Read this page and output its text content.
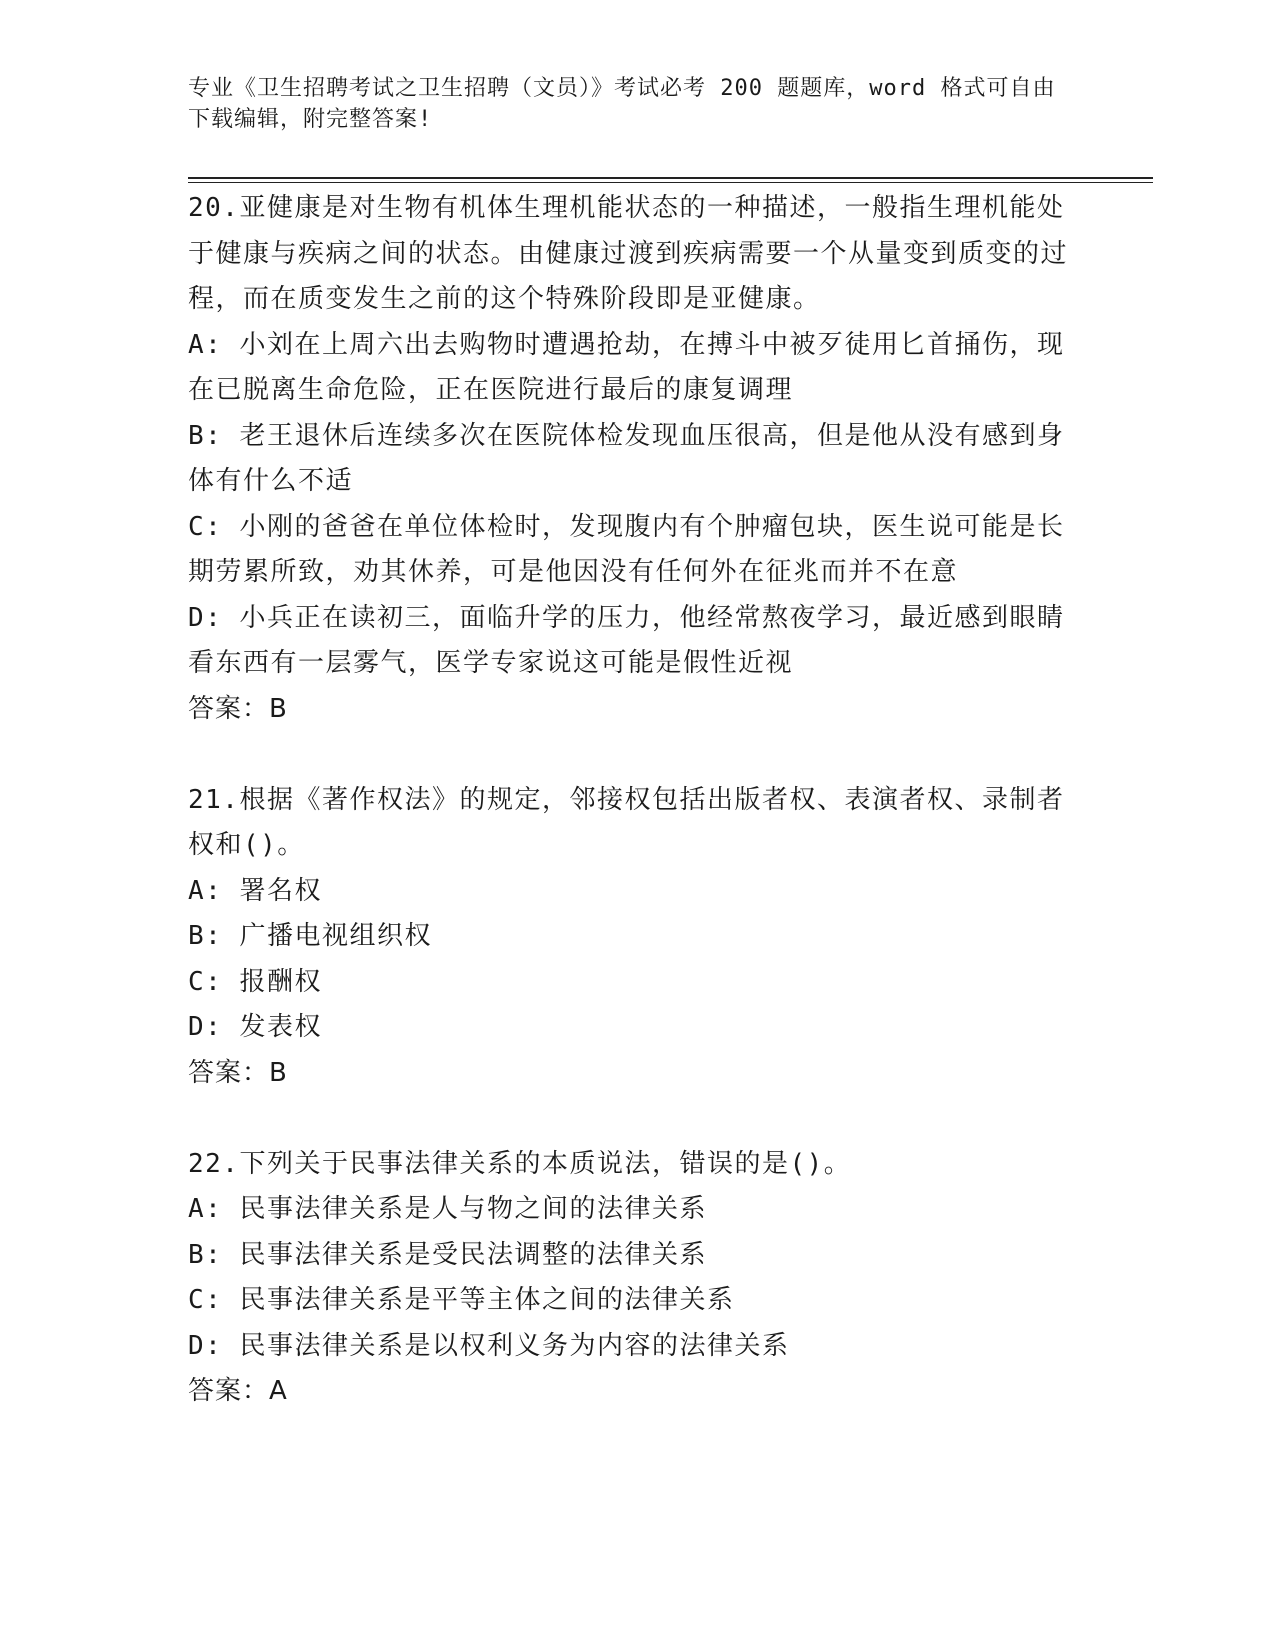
专业《卫生招聘考试之卫生招聘（文员）》考试必考 200 题题库，word 格式可自由下载编辑，附完整答案!

20.亚健康是对生物有机体生理机能状态的一种描述，一般指生理机能处于健康与疾病之间的状态。由健康过渡到疾病需要一个从量变到质变的过程，而在质变发生之前的这个特殊阶段即是亚健康。

A: 小刘在上周六出去购物时遭遇抢劫，在搏斗中被歹徒用匕首捅伤，现在已脱离生命危险，正在医院进行最后的康复调理

B: 老王退休后连续多次在医院体检发现血压很高，但是他从没有感到身体有什么不适

C: 小刚的爸爸在单位体检时，发现腹内有个肿瘤包块，医生说可能是长期劳累所致，劝其休养，可是他因没有任何外在征兆而并不在意

D: 小兵正在读初三，面临升学的压力，他经常熬夜学习，最近感到眼睛看东西有一层雾气，医学专家说这可能是假性近视

答案：B

21.根据《著作权法》的规定，邻接权包括出版者权、表演者权、录制者权和()。

A: 署名权

B: 广播电视组织权

C: 报酬权

D: 发表权

答案：B

22.下列关于民事法律关系的本质说法，错误的是()。

A: 民事法律关系是人与物之间的法律关系

B: 民事法律关系是受民法调整的法律关系

C: 民事法律关系是平等主体之间的法律关系

D: 民事法律关系是以权利义务为内容的法律关系

答案：A
